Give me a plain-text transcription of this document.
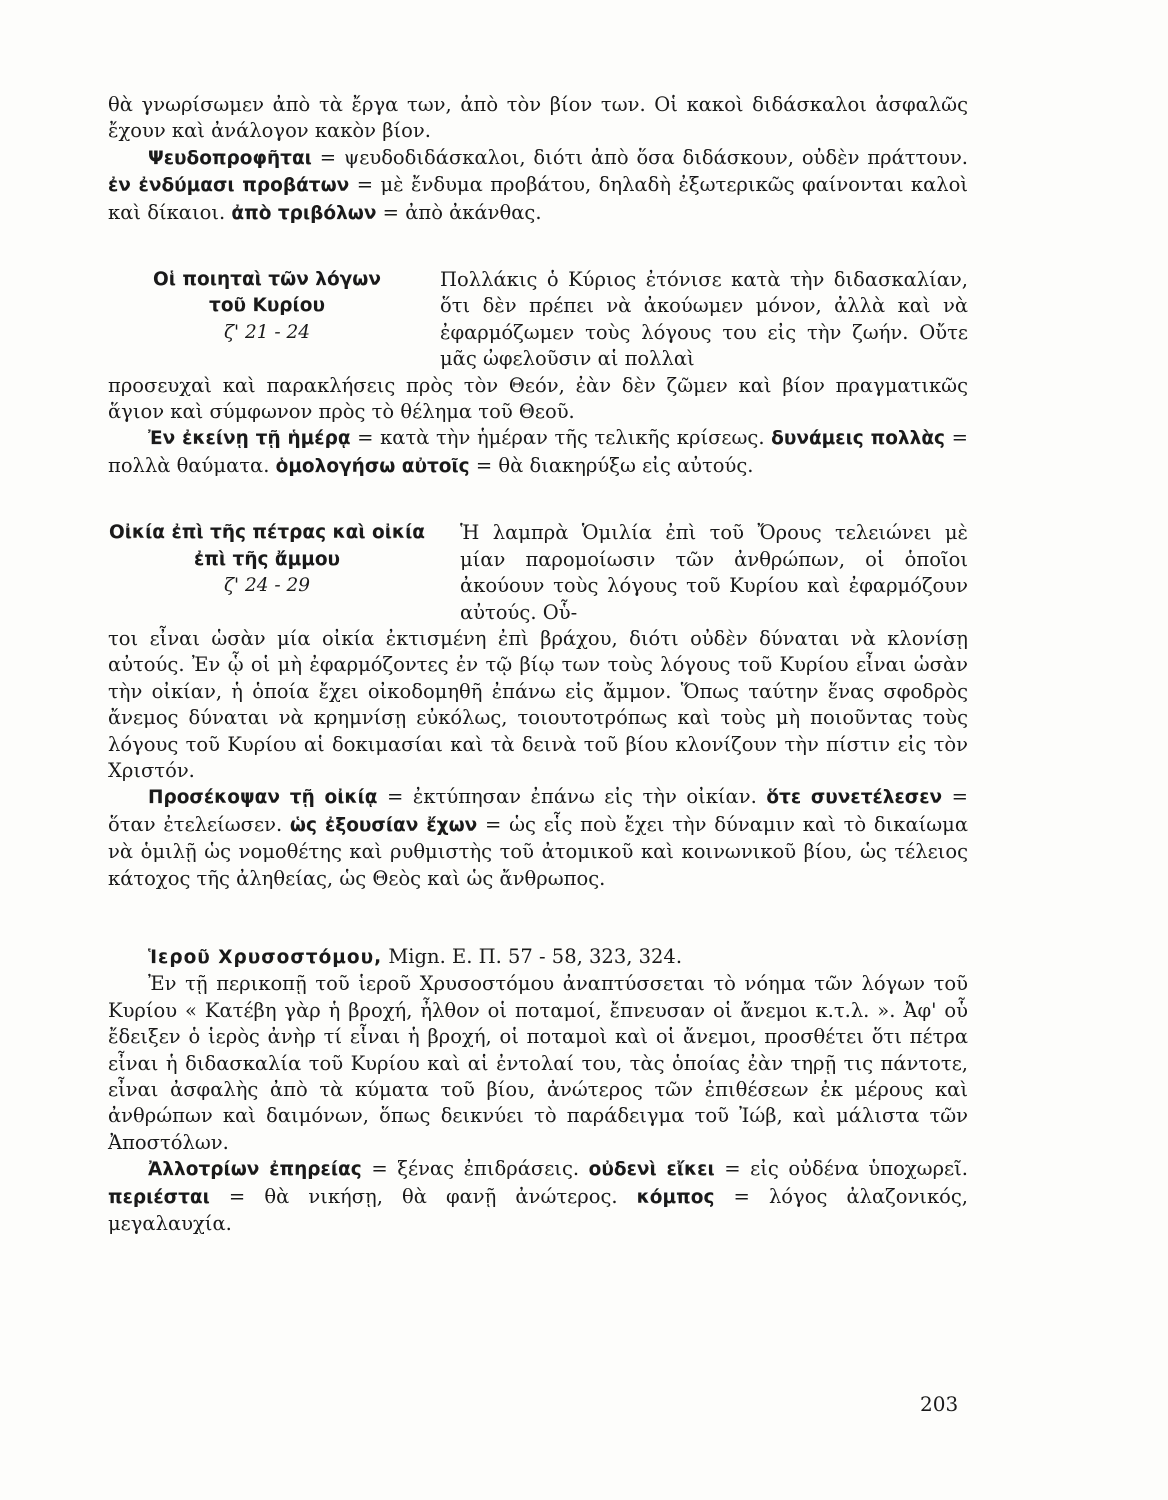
θὰ γνωρίσωμεν ἀπὸ τὰ ἔργα των, ἀπὸ τὸν βίον των. Οἱ κακοὶ διδάσκαλοι ἀσφαλῶς ἔχουν καὶ ἀνάλογον κακὸν βίον.

Ψευδοπροφῆται = ψευδοδιδάσκαλοι, διότι ἀπὸ ὅσα διδάσκουν, οὐδὲν πράττουν. ἐν ἐνδύμασι προβάτων = μὲ ἔνδυμα προβάτου, δηλαδὴ ἐξωτερικῶς φαίνονται καλοὶ καὶ δίκαιοι. ἀπὸ τριβόλων = ἀπὸ ἀκάνθας.

Οἱ ποιηταὶ τῶν λόγων
τοῦ Κυρίου
ζ' 21 - 24

Πολλάκις ὁ Κύριος ἐτόνισε κατὰ τὴν διδασκαλίαν, ὅτι δὲν πρέπει νὰ ἀκούωμεν μόνον, ἀλλὰ καὶ νὰ ἐφαρμόζωμεν τοὺς λόγους του εἰς τὴν ζωήν. Οὔτε μᾶς ὠφελοῦσιν αἱ πολλαὶ

προσευχαὶ καὶ παρακλήσεις πρὸς τὸν Θεόν, ἐὰν δὲν ζῶμεν καὶ βίον πραγματικῶς ἅγιον καὶ σύμφωνον πρὸς τὸ θέλημα τοῦ Θεοῦ.

Ἐν ἐκείνῃ τῇ ἡμέρᾳ = κατὰ τὴν ἡμέραν τῆς τελικῆς κρίσεως. δυνάμεις πολλὰς = πολλὰ θαύματα. ὁμολογήσω αὐτοῖς = θὰ διακηρύξω εἰς αὐτούς.

Οἰκία ἐπὶ τῆς πέτρας καὶ οἰκία
ἐπὶ τῆς ἄμμου
ζ' 24 - 29

Ἡ λαμπρὰ Ὁμιλία ἐπὶ τοῦ Ὄρους τελειώνει μὲ μίαν παρομοίωσιν τῶν ἀνθρώπων, οἱ ὁποῖοι ἀκούουν τοὺς λόγους τοῦ Κυρίου καὶ ἐφαρμόζουν αὐτούς. Οὗ-

τοι εἶναι ὡσὰν μία οἰκία ἐκτισμένη ἐπὶ βράχου, διότι οὐδὲν δύναται νὰ κλονίσῃ αὐτούς. Ἐν ᾧ οἱ μὴ ἐφαρμόζοντες ἐν τῷ βίῳ των τοὺς λόγους τοῦ Κυρίου εἶναι ὡσὰν τὴν οἰκίαν, ἡ ὁποία ἔχει οἰκοδομηθῆ ἐπάνω εἰς ἄμμον. Ὅπως ταύτην ἕνας σφοδρὸς ἄνεμος δύναται νὰ κρημνίσῃ εὐκόλως, τοιουτοτρόπως καὶ τοὺς μὴ ποιοῦντας τοὺς λόγους τοῦ Κυρίου αἱ δοκιμασίαι καὶ τὰ δεινὰ τοῦ βίου κλονίζουν τὴν πίστιν εἰς τὸν Χριστόν.

Προσέκοψαν τῇ οἰκίᾳ = ἐκτύπησαν ἐπάνω εἰς τὴν οἰκίαν. ὅτε συνετέλεσεν = ὅταν ἐτελείωσεν. ὡς ἐξουσίαν ἔχων = ὡς εἷς ποὺ ἔχει τὴν δύναμιν καὶ τὸ δικαίωμα νὰ ὁμιλῇ ὡς νομοθέτης καὶ ρυθμιστὴς τοῦ ἀτομικοῦ καὶ κοινωνικοῦ βίου, ὡς τέλειος κάτοχος τῆς ἀληθείας, ὡς Θεὸς καὶ ὡς ἄνθρωπος.

Ἱεροῦ Χρυσοστόμου, Mign. E. Π. 57 - 58, 323, 324.

Ἐν τῇ περικοπῇ τοῦ ἱεροῦ Χρυσοστόμου ἀναπτύσσεται τὸ νόημα τῶν λόγων τοῦ Κυρίου « Κατέβη γὰρ ἡ βροχή, ἦλθον οἱ ποταμοί, ἔπνευσαν οἱ ἄνεμοι κ.τ.λ. ». Ἀφ' οὗ ἔδειξεν ὁ ἱερὸς ἀνὴρ τί εἶναι ἡ βροχή, οἱ ποταμοὶ καὶ οἱ ἄνεμοι, προσθέτει ὅτι πέτρα εἶναι ἡ διδασκαλία τοῦ Κυρίου καὶ αἱ ἐντολαί του, τὰς ὁποίας ἐὰν τηρῇ τις πάντοτε, εἶναι ἀσφαλὴς ἀπὸ τὰ κύματα τοῦ βίου, ἀνώτερος τῶν ἐπιθέσεων ἐκ μέρους καὶ ἀνθρώπων καὶ δαιμόνων, ὅπως δεικνύει τὸ παράδειγμα τοῦ Ἰώβ, καὶ μάλιστα τῶν Ἀποστόλων.

Ἀλλοτρίων ἐπηρείας = ξένας ἐπιδράσεις. οὐδενὶ εἴκει = εἰς οὐδένα ὑποχωρεῖ. περιέσται = θὰ νικήσῃ, θὰ φανῇ ἀνώτερος. κόμπος = λόγος ἀλαζονικός, μεγαλαυχία.

203
